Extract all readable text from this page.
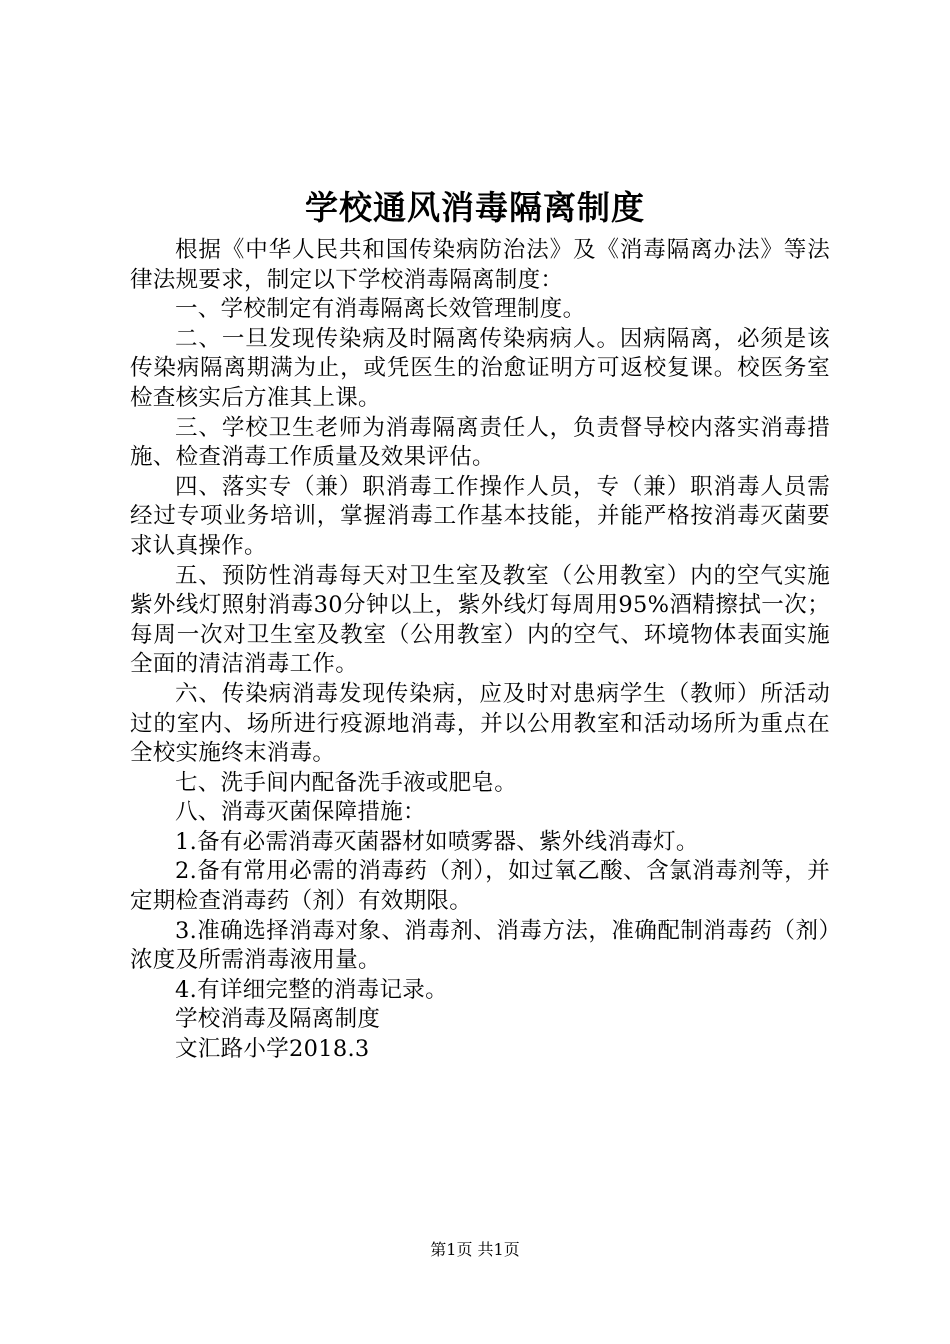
学校通风消毒隔离制度

根据《中华人民共和国传染病防治法》及《消毒隔离办法》等法律法规要求，制定以下学校消毒隔离制度：

一、学校制定有消毒隔离长效管理制度。

二、一旦发现传染病及时隔离传染病病人。因病隔离，必须是该传染病隔离期满为止，或凭医生的治愈证明方可返校复课。校医务室检查核实后方准其上课。

三、学校卫生老师为消毒隔离责任人，负责督导校内落实消毒措施、检查消毒工作质量及效果评估。

四、落实专（兼）职消毒工作操作人员，专（兼）职消毒人员需经过专项业务培训，掌握消毒工作基本技能，并能严格按消毒灭菌要求认真操作。

五、预防性消毒每天对卫生室及教室（公用教室）内的空气实施紫外线灯照射消毒30分钟以上，紫外线灯每周用95%酒精擦拭一次；每周一次对卫生室及教室（公用教室）内的空气、环境物体表面实施全面的清洁消毒工作。

六、传染病消毒发现传染病，应及时对患病学生（教师）所活动过的室内、场所进行疫源地消毒，并以公用教室和活动场所为重点在全校实施终末消毒。

七、洗手间内配备洗手液或肥皂。

八、消毒灭菌保障措施：

1.备有必需消毒灭菌器材如喷雾器、紫外线消毒灯。

2.备有常用必需的消毒药（剂），如过氧乙酸、含氯消毒剂等，并定期检查消毒药（剂）有效期限。

3.准确选择消毒对象、消毒剂、消毒方法，准确配制消毒药（剂）浓度及所需消毒液用量。

4.有详细完整的消毒记录。

学校消毒及隔离制度

文汇路小学2018.3

第1页 共1页
